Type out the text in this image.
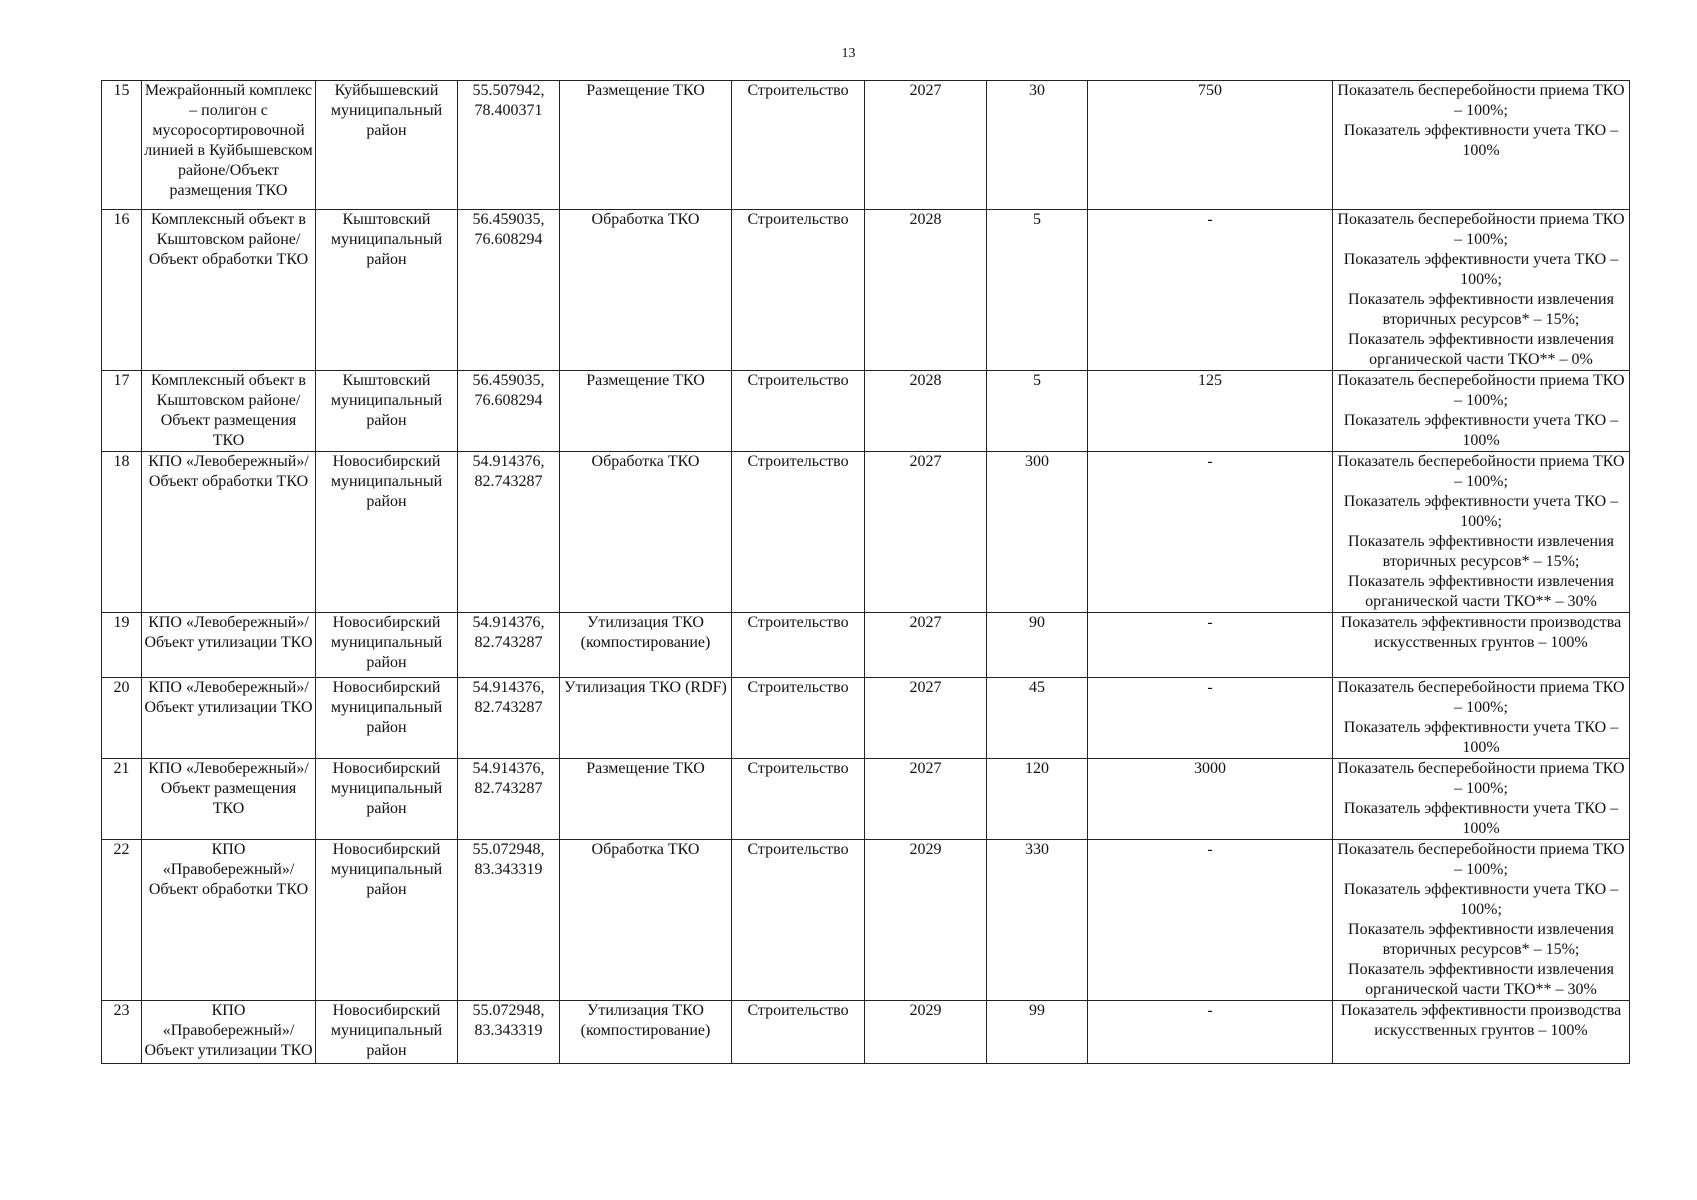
13
15	Межрайонный комплекс – полигон с мусоросортировочной линией в Куйбышевском районе/Объект размещения ТКО	Куйбышевский муниципальный район	55.507942, 78.400371	Размещение ТКО	Строительство	2027	30	750	Показатель бесперебойности приема ТКО – 100%;
Показатель эффективности учета ТКО – 100%

16	Комплексный объект в Кыштовском районе/ Объект обработки ТКО	Кыштовский муниципальный район	56.459035, 76.608294	Обработка ТКО	Строительство	2028	5	-	Показатель бесперебойности приема ТКО – 100%;
Показатель эффективности учета ТКО – 100%;
Показатель эффективности извлечения вторичных ресурсов* – 15%;
Показатель эффективности извлечения органической части ТКО** – 0%

17	Комплексный объект в Кыштовском районе/Объект размещения ТКО	Кыштовский муниципальный район	56.459035, 76.608294	Размещение ТКО	Строительство	2028	5	125	Показатель бесперебойности приема ТКО – 100%;
Показатель эффективности учета ТКО – 100%

18	КПО «Левобережный»/ Объект обработки ТКО	Новосибирский муниципальный район	54.914376, 82.743287	Обработка ТКО	Строительство	2027	300	-	Показатель бесперебойности приема ТКО – 100%;
Показатель эффективности учета ТКО – 100%;
Показатель эффективности извлечения вторичных ресурсов* – 15%;
Показатель эффективности извлечения органической части ТКО** – 30%

19	КПО «Левобережный»/Объект утилизации ТКО	Новосибирский муниципальный район	54.914376, 82.743287	Утилизация ТКО (компостирование)	Строительство	2027	90	-	Показатель эффективности производства искусственных грунтов – 100%

20	КПО «Левобережный»/ Объект утилизации ТКО	Новосибирский муниципальный район	54.914376, 82.743287	Утилизация ТКО (RDF)	Строительство	2027	45	-	Показатель бесперебойности приема ТКО – 100%;
Показатель эффективности учета ТКО – 100%

21	КПО «Левобережный»/ Объект размещения ТКО	Новосибирский муниципальный район	54.914376, 82.743287	Размещение ТКО	Строительство	2027	120	3000	Показатель бесперебойности приема ТКО – 100%;
Показатель эффективности учета ТКО – 100%

22	КПО «Правобережный»/ Объект обработки ТКО	Новосибирский муниципальный район	55.072948, 83.343319	Обработка ТКО	Строительство	2029	330	-	Показатель бесперебойности приема ТКО – 100%;
Показатель эффективности учета ТКО – 100%;
Показатель эффективности извлечения вторичных ресурсов* – 15%;
Показатель эффективности извлечения органической части ТКО** – 30%

23	КПО «Правобережный»/Объект утилизации ТКО	Новосибирский муниципальный район	55.072948, 83.343319	Утилизация ТКО (компостирование)	Строительство	2029	99	-	Показатель эффективности производства искусственных грунтов – 100%
